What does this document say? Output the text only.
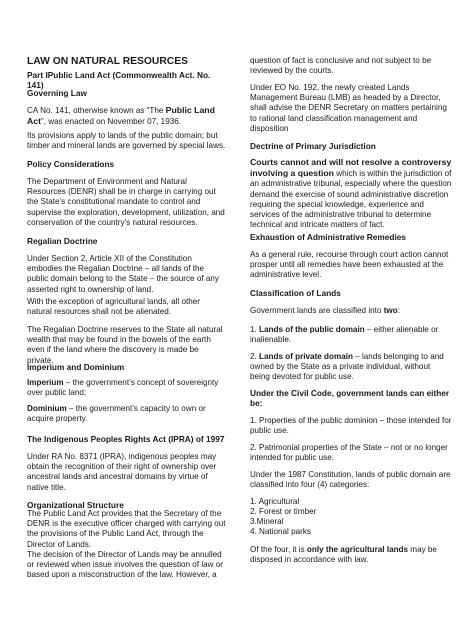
LAW ON NATURAL RESOURCES

Part IPublic Land Act (Commonwealth Act. No. 141)

Governing Law

CA No. 141, otherwise known as “The Public Land Act”, was enacted on November 07, 1936.

Its provisions apply to lands of the public domain; but timber and mineral lands are governed by special laws.

Policy Considerations

The Department of Environment and Natural Resources (DENR) shall be in charge in carrying out the State’s constitutional mandate to control and supervise the exploration, development, utilization, and conservation of the country’s natural resources.

Regalian Doctrine

Under Section 2, Article XII of the Constitution embodies the Regalian Doctrine – all lands of the public domain belong to the State – the source of any asserted right to ownership of land.

With the exception of agricultural lands, all other natural resources shall not be alienated.

The Regalian Doctrine reserves to the State all natural wealth that may be found in the bowels of the earth even if the land where the discovery is made be private.

Imperium and Dominium

Imperium – the government’s concept of sovereignty over public land;

Dominium – the government’s capacity to own or acquire property.

The Indigenous Peoples Rights Act (IPRA) of 1997

Under RA No. 8371 (IPRA), indigenous peoples may obtain the recognition of their right of ownership over ancestral lands and ancestral domains by virtue of native title.

Organizational Structure

The Public Land Act provides that the Secretary of the DENR is the executive officer charged with carrying out the provisions of the Public Land Act, through the Director of Lands.

The decision of the Director of Lands may be annulled or reviewed when issue involves the question of law or based upon a misconstruction of the law. However, a

question of fact is conclusive and not subject to be reviewed by the courts.

Under EO No. 192, the newly created Lands Management Bureau (LMB) as headed by a Director, shall advise the DENR Secretary on matters pertaining to rational land classification management and disposition

Dectrine of Primary Jurisdiction

Courts cannot and will not resolve a controversy involving a question which is within the jurisdiction of an administrative tribunal, especially where the question demand the exercise of sound administrative discretion requiring the special knowledge, experience and services of the administrative tribunal to determine technical and intricate matters of fact.

Exhaustion of Administrative Remedies

As a general rule, recourse through court action cannot prosper until all remedies have been exhausted at the administrative level.

Classification of Lands

Government lands are classified into two:

1. Lands of the public domain – either alienable or inalienable.

2. Lands of private domain – lands belonging to and owned by the State as a private individual, without being devoted for public use.

Under the Civil Code, government lands can either be:

1. Properties of the public dominion – those intended for public use.

2. Patrimonial properties of the State – not or no longer intended for public use.

Under the 1987 Constitution, lands of public domain are classified into four (4) categories:

1. Agricultural

2. Forest or timber

3.Mineral

4. National parks

Of the four, it is only the agricultural lands may be disposed in accordance with law.
